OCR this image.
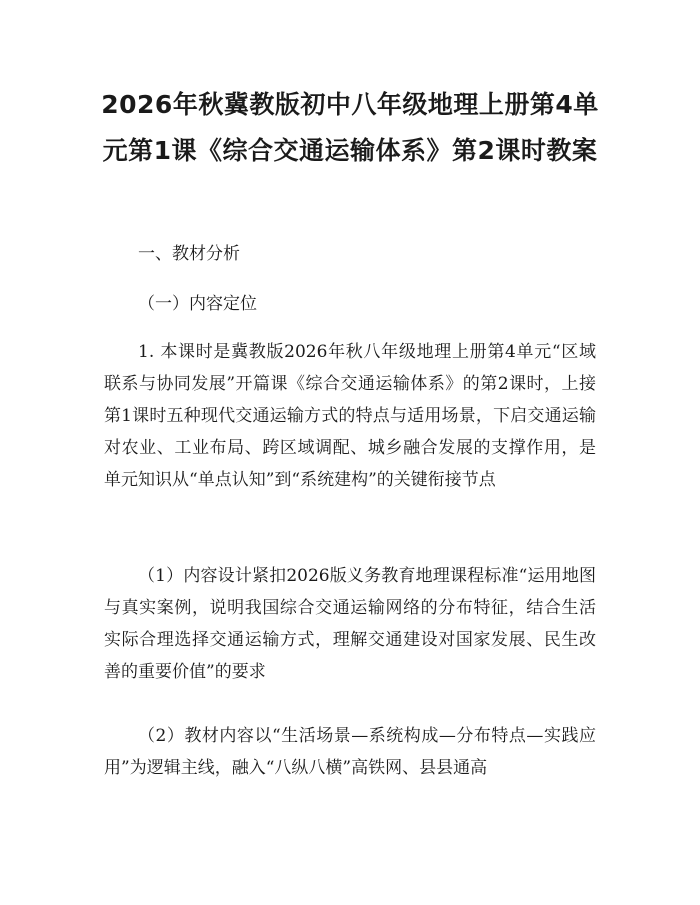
2026年秋冀教版初中八年级地理上册第4单元第1课《综合交通运输体系》第2课时教案
一、教材分析
（一）内容定位
1. 本课时是冀教版2026年秋八年级地理上册第4单元“区域联系与协同发展”开篇课《综合交通运输体系》的第2课时，上接第1课时五种现代交通运输方式的特点与适用场景，下启交通运输对农业、工业布局、跨区域调配、城乡融合发展的支撑作用，是单元知识从“单点认知”到“系统建构”的关键衔接节点
（1）内容设计紧扣2026版义务教育地理课程标准“运用地图与真实案例，说明我国综合交通运输网络的分布特征，结合生活实际合理选择交通运输方式，理解交通建设对国家发展、民生改善的重要价值”的要求
（2）教材内容以“生活场景—系统构成—分布特点—实践应用”为逻辑主线，融入“八纵八横”高铁网、县县通高
